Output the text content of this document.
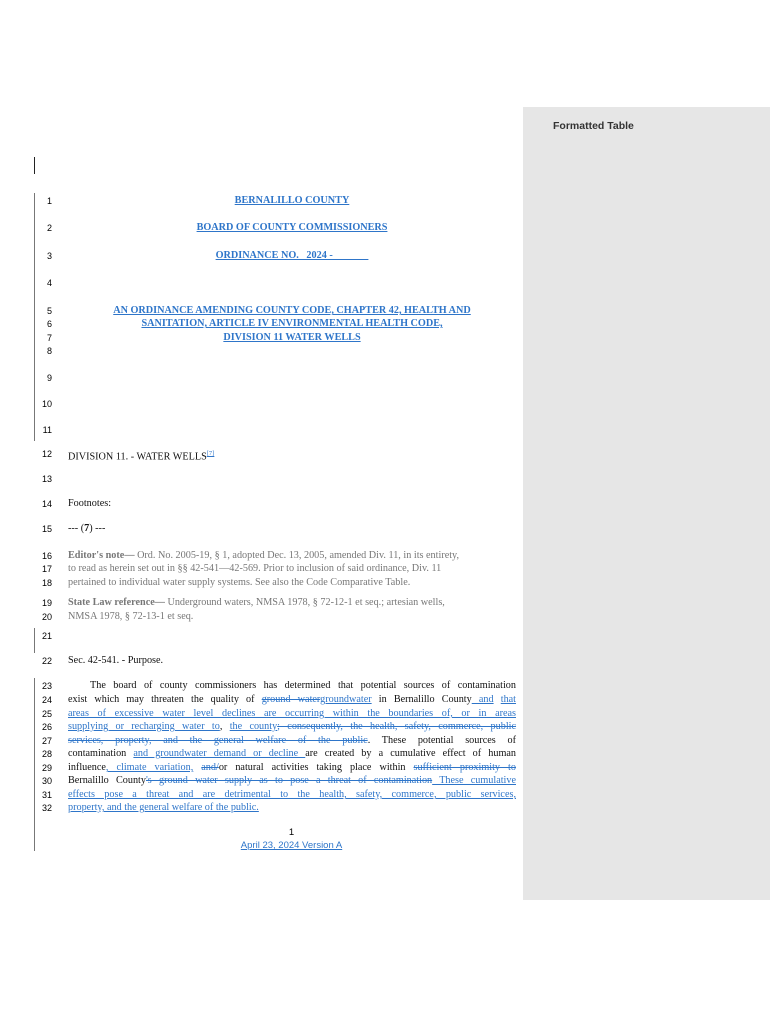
Formatted Table
1
2
3
4
5
6
7
8
9
10
11
12
13
14
15
16
17
18
19
20
21
22
23
24
25
26
27
28
29
30
31
32
BERNALILLO COUNTY
BOARD OF COUNTY COMMISSIONERS
ORDINANCE NO.   2024 -
AN ORDINANCE AMENDING COUNTY CODE, CHAPTER 42, HEALTH AND
SANITATION, ARTICLE IV ENVIRONMENTAL HEALTH CODE,
DIVISION 11 WATER WELLS
DIVISION 11. - WATER WELLS[7]
Footnotes:
--- (7) ---
Editor's note— Ord. No. 2005-19, § 1, adopted Dec. 13, 2005, amended Div. 11, in its entirety,
to read as herein set out in §§ 42-541—42-569. Prior to inclusion of said ordinance, Div. 11
pertained to individual water supply systems. See also the Code Comparative Table.
State Law reference— Underground waters, NMSA 1978, § 72-12-1 et seq.; artesian wells,
NMSA 1978, § 72-13-1 et seq.
Sec. 42-541. - Purpose.
The board of county commissioners has determined that potential sources of contamination
exist which may threaten the quality of ground watergroundwater in Bernalillo County and that
areas of excessive water level declines are occurring within the boundaries of, or in areas
supplying or recharging water to, the county; consequently, the health, safety, commerce, public
services, property, and the general welfare of the public. These potential sources of
contamination and groundwater demand or decline are created by a cumulative effect of human
influence, climate variation, and/or natural activities taking place within sufficient proximity to
Bernalillo County's ground water supply as to pose a threat of contamination These cumulative
effects pose a threat and are detrimental to the health, safety, commerce, public services,
property, and the general welfare of the public.
1
April 23, 2024 Version A
